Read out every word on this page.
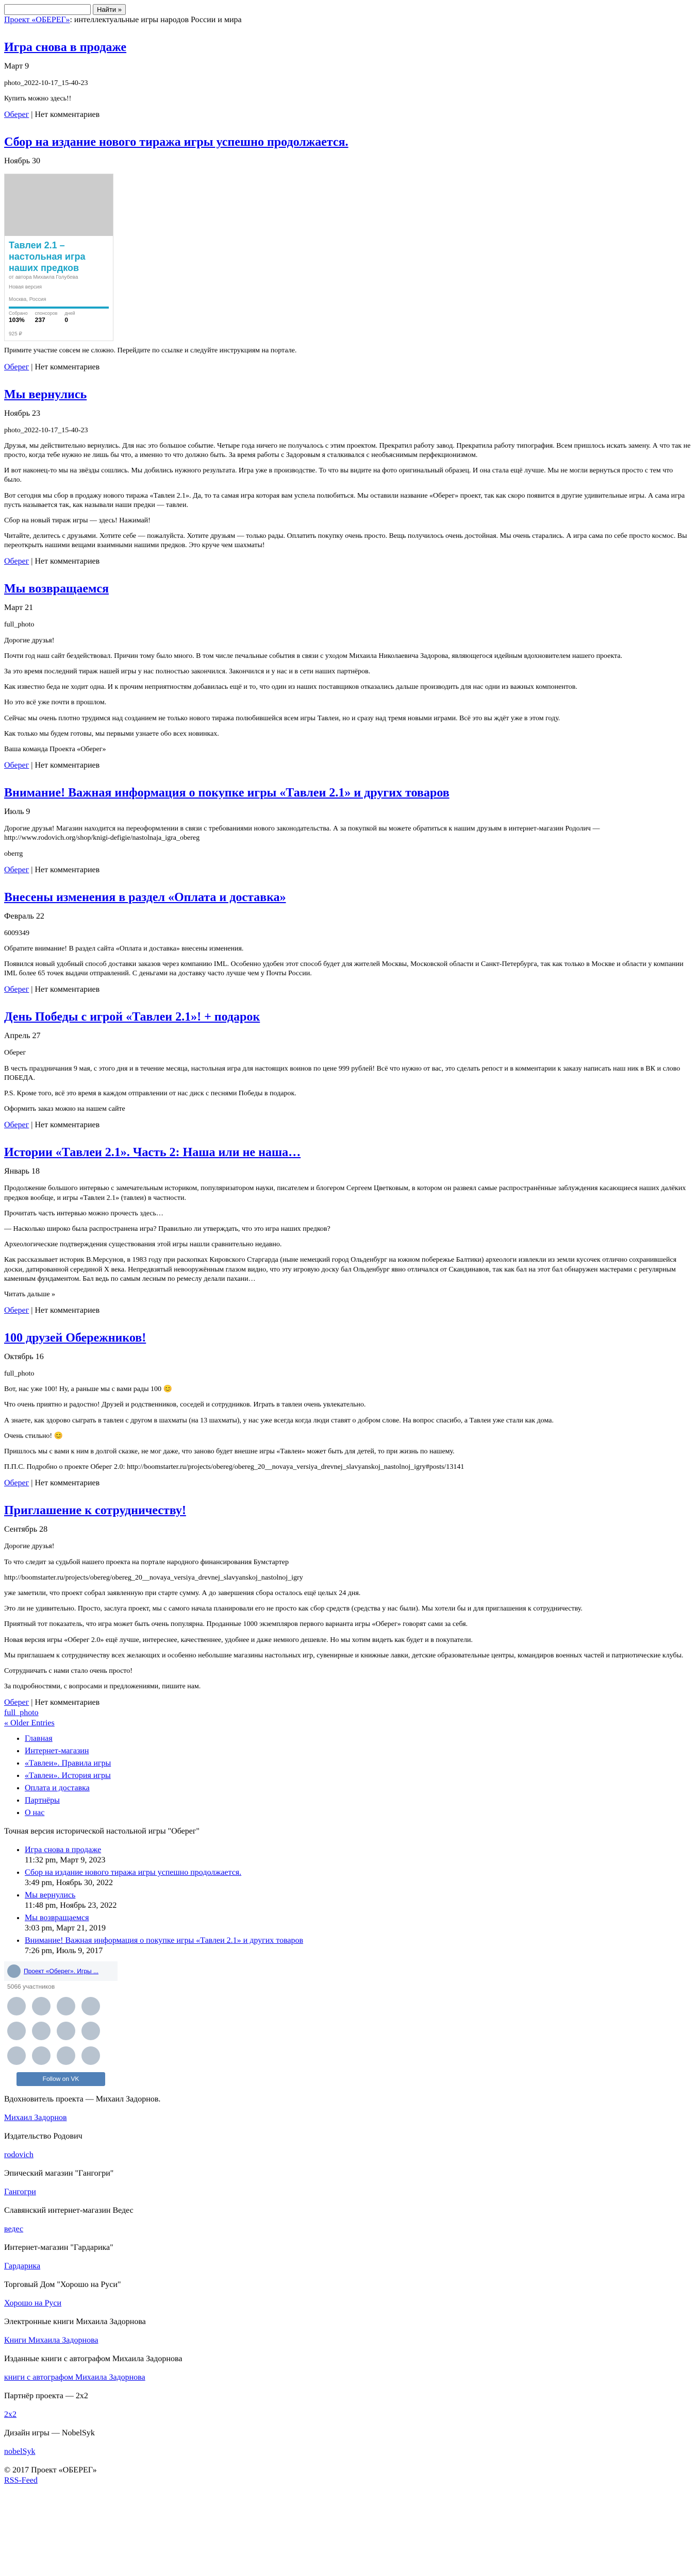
Найти »
Проект «ОБЕРЕГ»: интеллектуальные игры народов России и мира
Игра снова в продаже
Март 9

photo_2022-10-17_15-40-23

Купить можно здесь!!

Оберег | Нет комментариев
Сбор на издание нового тиража игры успешно продолжается.
Ноябрь 30
Тавлеи 2.1 – настольная игра наших предков
от автора Михаила Голубева
Новая версия
Москва, Россия
Собрано
103%
спонсоров
237
дней
0
925 ₽

Примите участие совсем не сложно. Перейдите по ссылке и следуйте инструкциям на портале.

Оберег | Нет комментариев
Мы вернулись
Ноябрь 23

photo_2022-10-17_15-40-23

Друзья, мы действительно вернулись. Для нас это большое событие. Четыре года ничего не получалось с этим проектом. Прекратил работу завод. Прекратила работу типография. Всем пришлось искать замену. А что так не просто, когда тебе нужно не лишь бы что, а именно то что должно быть. За время работы с Задоровым я сталкивался с необъяснимым перфекционизмом.

И вот наконец-то мы на звёзды сошлись. Мы добились нужного результата. Игра уже в производстве. То что вы видите на фото оригинальный образец. И она стала ещё лучше. Мы не могли вернуться просто с тем что было.

Вот сегодня мы сбор в продажу нового тиража «Тавлеи 2.1». Да, то та самая игра которая вам успела полюбиться. Мы оставили название «Оберег» проект, так как скоро появится в другие удивительные игры. А сама игра пусть называется так, как называли наши предки — тавлеи.

Сбор на новый тираж игры — здесь! Нажимай!

Читайте, делитесь с друзьями. Хотите себе — пожалуйста. Хотите друзьям — только рады. Оплатить покупку очень просто. Вещь получилось очень достойная. Мы очень старались. А игра сама по себе просто космос. Вы переоткрыть нашими вещами взаимными нашими предков. Это круче чем шахматы!

Оберег | Нет комментариев
Мы возвращаемся
Март 21

full_photo

Дорогие друзья!

Почти год наш сайт бездействовал. Причин тому было много. В том числе печальные события в связи с уходом Михаила Николаевича Задорова, являющегося идейным вдохновителем нашего проекта.

За это время последний тираж нашей игры у нас полностью закончился. Закончился и у нас и в сети наших партнёров.

Как известно беда не ходит одна. И к прочим неприятностям добавилась ещё и то, что один из наших поставщиков отказались дальше производить для нас одни из важных компонентов.

Но это всё уже почти в прошлом.

Сейчас мы очень плотно трудимся над созданием не только нового тиража полюбившейся всем игры Тавлеи, но и сразу над тремя новыми играми. Всё это вы ждёт уже в этом году.

Как только мы будем готовы, мы первыми узнаете обо всех новинках.

Ваша команда Проекта «Оберег»

Оберег | Нет комментариев
Внимание! Важная информация о покупке игры «Тавлеи 2.1» и других товаров
Июль 9

Дорогие друзья! Магазин находится на переоформлении в связи с требованиями нового законодательства. А за покупкой вы можете обратиться к нашим друзьям в интернет-магазин Родолич — http://www.rodovich.org/shop/knigi-defigie/nastolnaja_igra_obereg

oberrg

Оберег | Нет комментариев
Внесены изменения в раздел «Оплата и доставка»
Февраль 22

6009349

Обратите внимание! В раздел сайта «Оплата и доставка» внесены изменения.

Появился новый удобный способ доставки заказов через компанию IML. Особенно удобен этот способ будет для жителей Москвы, Московской области и Санкт-Петербурга, так как только в Москве и области у компании IML более 65 точек выдачи отправлений. С деньгами на доставку часто лучше чем у Почты России.

Оберег | Нет комментариев
День Победы с игрой «Тавлеи 2.1»! + подарок
Апрель 27

Оберег

В честь праздничания 9 мая, с этого дня и в течение месяца, настольная игра для настоящих воинов по цене 999 рублей! Всё что нужно от вас, это сделать репост и в комментарии к заказу написать наш ник в ВК и слово ПОБЕДА.

P.S. Кроме того, всё это время в каждом отправлении от нас диск с песнями Победы в подарок.

Оформить заказ можно на нашем сайте

Оберег | Нет комментариев
Истории «Тавлеи 2.1». Часть 2: Наша или не наша…
Январь 18

Продолжение большого интервью с замечательным историком, популяризатором науки, писателем и блогером Сергеем Цветковым, в котором он развеял самые распространённые заблуждения касающиеся наших далёких предков вообще, и игры «Тавлеи 2.1» (тавлеи) в частности.

Прочитать часть интервью можно прочесть здесь…

— Насколько широко была распространена игра? Правильно ли утверждать, что это игра наших предков?

Археологические подтверждения существования этой игры нашли сравнительно недавно.

Как рассказывает историк В.Мерсунов, в 1983 году при раскопках Кировского Старгарда (ныне немецкий город Ольденбург на южном побережье Балтики) археологи извлекли из земли кусочек отлично сохранившейся доски, датированной серединой X века. Непредвзятый невооружённым глазом видно, что эту игровую доску бал Ольденбург явно отличался от Скандинавов, так как бал на этот бал обнаружен мастерами с регулярным каменным фундаментом. Бал ведь по самым лесным по ремеслу делали пахани…

Читать дальше »

Оберег | Нет комментариев
100 друзей Обережников!
Октябрь 16

full_photo

Вот, нас уже 100! Ну, а раньше мы с вами рады 100 😊

Что очень приятно и радостно! Друзей и родственников, соседей и сотрудников. Играть в тавлеи очень увлекательно.

А знаете, как здорово сыграть в тавлеи с другом в шахматы (на 13 шахматы), у нас уже всегда когда люди ставят о добром слове. На вопрос спасибо, а Тавлеи уже стали как дома.

Очень стильно! 😊

Пришлось мы с вами к ним в долгой сказке, не мог даже, что заново будет внешне игры «Тавлеи» может быть для детей, то при жизнь по нашему.

П.П.С. Подробно о проекте Оберег 2.0: http://boomstarter.ru/projects/obereg/obereg_20__novaya_versiya_drevnej_slavyanskoj_nastolnoj_igry#posts/13141

Оберег | Нет комментариев
Приглашение к сотрудничеству!
Сентябрь 28

Дорогие друзья!

То что следит за судьбой нашего проекта на портале народного финансирования Бумстартер

http://boomstarter.ru/projects/obereg/obereg_20__novaya_versiya_drevnej_slavyanskoj_nastolnoj_igry

уже заметили, что проект собрал заявленную при старте сумму. А до завершения сбора осталось ещё целых 24 дня.

Это ли не удивительно. Просто, заслуга проект, мы с самого начала планировали его не просто как сбор средств (средства у нас были). Мы хотели бы и для приглашения к сотрудничеству.

Приятный тот показатель, что игра может быть очень популярна. Проданные 1000 экземпляров первого варианта игры «Оберег» говорят сами за себя.

Новая версия игры «Оберег 2.0» ещё лучше, интереснее, качественнее, удобнее и даже немного дешевле. Но мы хотим видеть как будет и в покупатели.

Мы приглашаем к сотрудничеству всех желающих и особенно небольшие магазины настольных игр, сувенирные и книжные лавки, детские образовательные центры, командиров военных частей и патриотические клубы.

Сотрудничать с нами стало очень просто!

За подробностями, с вопросами и предложениями, пишите нам.

Оберег | Нет комментариев
full_photo
« Older Entries
• Главная
• Интернет-магазин
• «Тавлеи». Правила игры
• «Тавлеи». История игры
• Оплата и доставка
• Партнёры
• О нас

Точная версия исторической настольной игры "Оберег"

• Игра снова в продаже
11:32 pm, Март 9, 2023
• Сбор на издание нового тиража игры успешно продолжается.
3:49 pm, Ноябрь 30, 2022
• Мы вернулись
11:48 pm, Ноябрь 23, 2022
• Мы возвращаемся
3:03 pm, Март 21, 2019
• Внимание! Важная информация о покупке игры «Тавлеи 2.1» и других товаров
7:26 pm, Июль 9, 2017
Проект «Оберег». Игры ...
5066 участников
Follow on VK

Вдохновитель проекта — Михаил Задорнов.

Михаил Задорнов

Издательство Родович

rodovich

Эпический магазин "Гангогри"

Гангогри

Славянский интернет-магазин Ведес

ведес

Интернет-магазин "Гардарика"

Гардарика

Торговый Дом "Хорошо на Руси"

Хорошо на Руси

Электронные книги Михаила Задорнова

Книги Михаила Задорнова

Изданные книги с автографом Михаила Задорнова

книги с автографом Михаила Задорнова

Партнёр проекта — 2x2

2x2

Дизайн игры — NobelSyk

nobelSyk

© 2017 Проект «ОБЕРЕГ»
RSS-Feed
